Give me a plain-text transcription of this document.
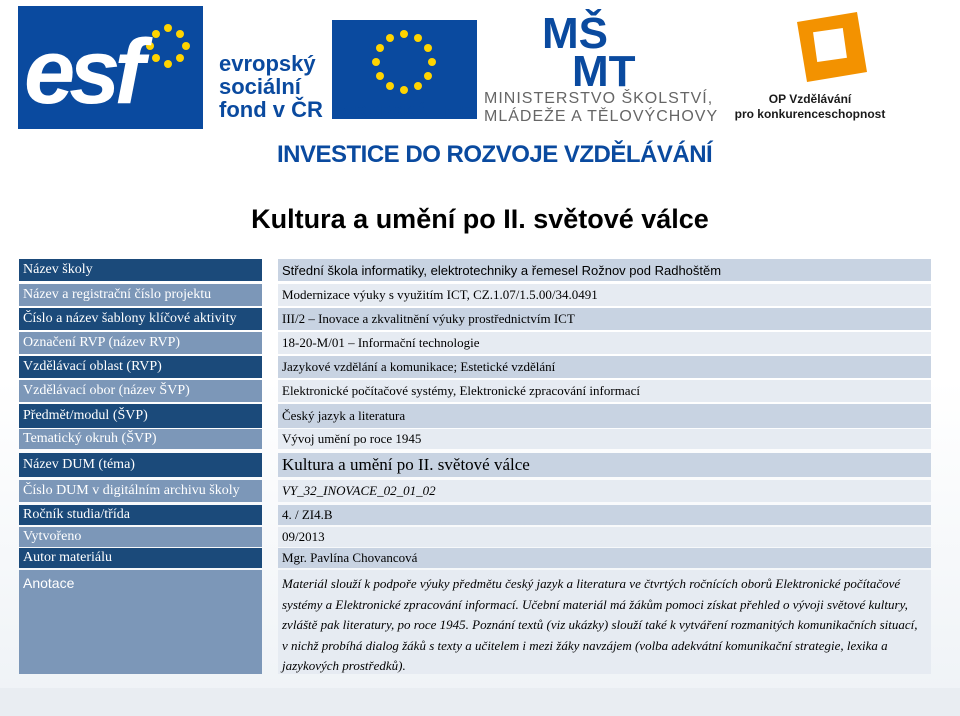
esf	evropský
sociální
fond v ČR EVROPSKÁ UNIE
MŠ
MT
MINISTERSTVO ŠKOLSTVÍ,
MLÁDEŽE A TĚLOVÝCHOVY
OP Vzdělávání
pro konkurenceschopnost
INVESTICE DO ROZVOJE VZDĚLÁVÁNÍ
Kultura a umění po II. světové válce
Název školy	Střední škola informatiky, elektrotechniky a řemesel Rožnov pod Radhoštěm
Název a registrační číslo projektu	Modernizace výuky s využitím ICT, CZ.1.07/1.5.00/34.0491
Číslo a název šablony klíčové aktivity	III/2 – Inovace a zkvalitnění výuky prostřednictvím ICT
Označení RVP (název RVP)	18-20-M/01 – Informační technologie
Vzdělávací oblast (RVP)	Jazykové vzdělání a komunikace; Estetické vzdělání
Vzdělávací obor (název ŠVP)	Elektronické počítačové systémy, Elektronické zpracování informací
Předmět/modul (ŠVP)	Český jazyk a literatura
Tematický okruh (ŠVP)	Vývoj umění po roce 1945
Název DUM (téma)	Kultura a umění po II. světové válce
Číslo DUM v digitálním archivu školy	VY_32_INOVACE_02_01_02
Ročník studia/třída	4. / ZI4.B
Vytvořeno	09/2013
Autor materiálu	Mgr. Pavlína Chovancová
Anotace	Materiál slouží k podpoře výuky předmětu český jazyk a literatura ve čtvrtých ročnících oborů Elektronické počítačové systémy a Elektronické zpracování informací. Učební materiál má žákům pomoci získat přehled o vývoji světové kultury, zvláště pak literatury, po roce 1945. Poznání textů (viz ukázky) slouží také k vytváření rozmanitých komunikačních situací, v nichž probíhá dialog žáků s texty a učitelem i mezi žáky navzájem (volba adekvátní komunikační strategie, lexika a jazykových prostředků).
